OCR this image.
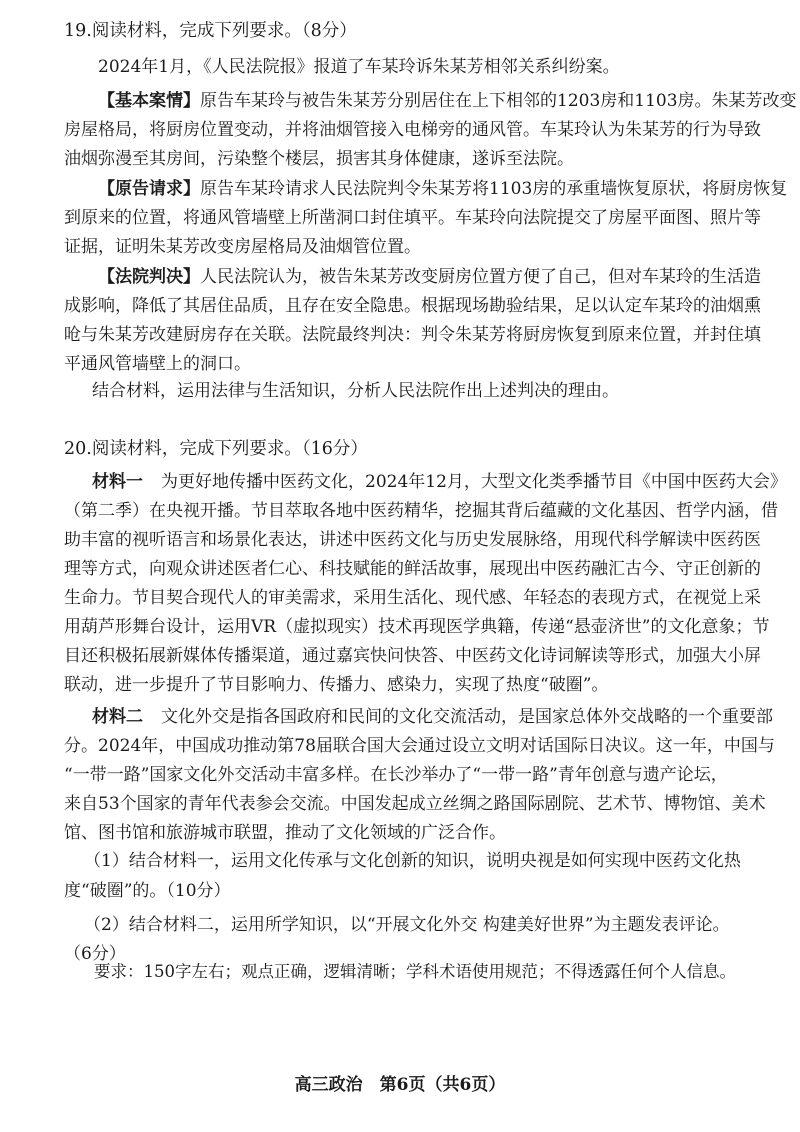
19.阅读材料，完成下列要求。（8分）
2024年1月，《人民法院报》报道了车某玲诉朱某芳相邻关系纠纷案。
【基本案情】原告车某玲与被告朱某芳分别居住在上下相邻的1203房和1103房。朱某芳改变
房屋格局，将厨房位置变动，并将油烟管接入电梯旁的通风管。车某玲认为朱某芳的行为导致
油烟弥漫至其房间，污染整个楼层，损害其身体健康，遂诉至法院。
【原告请求】原告车某玲请求人民法院判令朱某芳将1103房的承重墙恢复原状，将厨房恢复
到原来的位置，将通风管墙壁上所凿洞口封住填平。车某玲向法院提交了房屋平面图、照片等
证据，证明朱某芳改变房屋格局及油烟管位置。
【法院判决】人民法院认为，被告朱某芳改变厨房位置方便了自己，但对车某玲的生活造
成影响，降低了其居住品质，且存在安全隐患。根据现场勘验结果，足以认定车某玲的油烟熏
呛与朱某芳改建厨房存在关联。法院最终判决：判令朱某芳将厨房恢复到原来位置，并封住填
平通风管墙壁上的洞口。
结合材料，运用法律与生活知识，分析人民法院作出上述判决的理由。
20.阅读材料，完成下列要求。（16分）
材料一 为更好地传播中医药文化，2024年12月，大型文化类季播节目《中国中医药大会》
（第二季）在央视开播。节目萃取各地中医药精华，挖掘其背后蕴藏的文化基因、哲学内涵，借
助丰富的视听语言和场景化表达，讲述中医药文化与历史发展脉络，用现代科学解读中医药医
理等方式，向观众讲述医者仁心、科技赋能的鲜活故事，展现出中医药融汇古今、守正创新的
生命力。节目契合现代人的审美需求，采用生活化、现代感、年轻态的表现方式，在视觉上采
用葫芦形舞台设计，运用VR（虚拟现实）技术再现医学典籍，传递“悬壶济世”的文化意象；节
目还积极拓展新媒体传播渠道，通过嘉宾快问快答、中医药文化诗词解读等形式，加强大小屏
联动，进一步提升了节目影响力、传播力、感染力，实现了热度“破圈”。
材料二 文化外交是指各国政府和民间的文化交流活动，是国家总体外交战略的一个重要部
分。2024年，中国成功推动第78届联合国大会通过设立文明对话国际日决议。这一年，中国与
“一带一路”国家文化外交活动丰富多样。在长沙举办了“一带一路”青年创意与遗产论坛，
来自53个国家的青年代表参会交流。中国发起成立丝绸之路国际剧院、艺术节、博物馆、美术
馆、图书馆和旅游城市联盟，推动了文化领域的广泛合作。
（1）结合材料一，运用文化传承与文化创新的知识，说明央视是如何实现中医药文化热
度“破圈”的。（10分）
（2）结合材料二，运用所学知识，以“开展文化外交 构建美好世界”为主题发表评论。
（6分）
要求：150字左右；观点正确，逻辑清晰；学科术语使用规范；不得透露任何个人信息。
高三政治　第6页（共6页）
